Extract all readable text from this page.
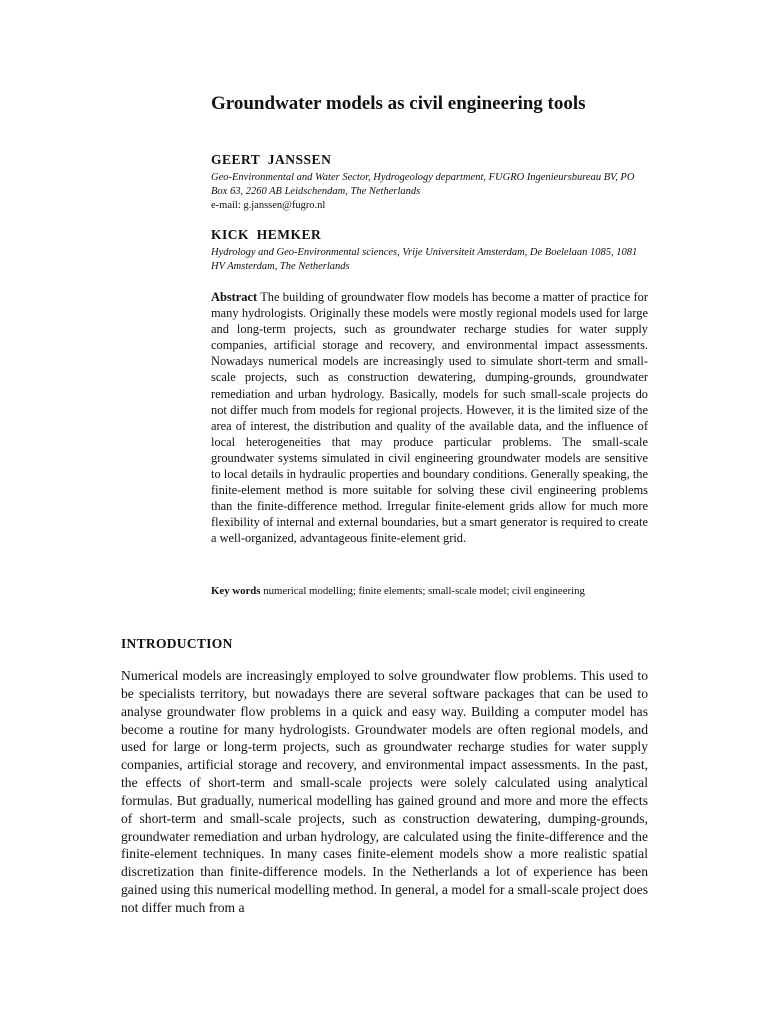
Groundwater models as civil engineering tools
GEERT  JANSSEN
Geo-Environmental and Water Sector, Hydrogeology department, FUGRO Ingenieursbureau BV, PO Box 63, 2260 AB Leidschendam, The Netherlands
e-mail: g.janssen@fugro.nl
KICK  HEMKER
Hydrology and Geo-Environmental sciences, Vrije Universiteit Amsterdam, De Boelelaan 1085, 1081 HV Amsterdam, The Netherlands
Abstract The building of groundwater flow models has become a matter of practice for many hydrologists. Originally these models were mostly regional models used for large and long-term projects, such as groundwater recharge studies for water supply companies, artificial storage and recovery, and environmental impact assessments. Nowadays numerical models are increasingly used to simulate short-term and small-scale projects, such as construction dewatering, dumping-grounds, groundwater remediation and urban hydrology. Basically, models for such small-scale projects do not differ much from models for regional projects. However, it is the limited size of the area of interest, the distribution and quality of the available data, and the influence of local heterogeneities that may produce particular problems. The small-scale groundwater systems simulated in civil engineering groundwater models are sensitive to local details in hydraulic properties and boundary conditions. Generally speaking, the finite-element method is more suitable for solving these civil engineering problems than the finite-difference method. Irregular finite-element grids allow for much more flexibility of internal and external boundaries, but a smart generator is required to create a well-organized, advantageous finite-element grid.
Key words numerical modelling; finite elements; small-scale model; civil engineering
INTRODUCTION

Numerical models are increasingly employed to solve groundwater flow problems. This used to be specialists territory, but nowadays there are several software packages that can be used to analyse groundwater flow problems in a quick and easy way. Building a computer model has become a routine for many hydrologists. Groundwater models are often regional models, and used for large or long-term projects, such as groundwater recharge studies for water supply companies, artificial storage and recovery, and environmental impact assessments. In the past, the effects of short-term and small-scale projects were solely calculated using analytical formulas. But gradually, numerical modelling has gained ground and more and more the effects of short-term and small-scale projects, such as construction dewatering, dumping-grounds, groundwater remediation and urban hydrology, are calculated using the finite-difference and the finite-element techniques. In many cases finite-element models show a more realistic spatial discretization than finite-difference models. In the Netherlands a lot of experience has been gained using this numerical modelling method. In general, a model for a small-scale project does not differ much from a
